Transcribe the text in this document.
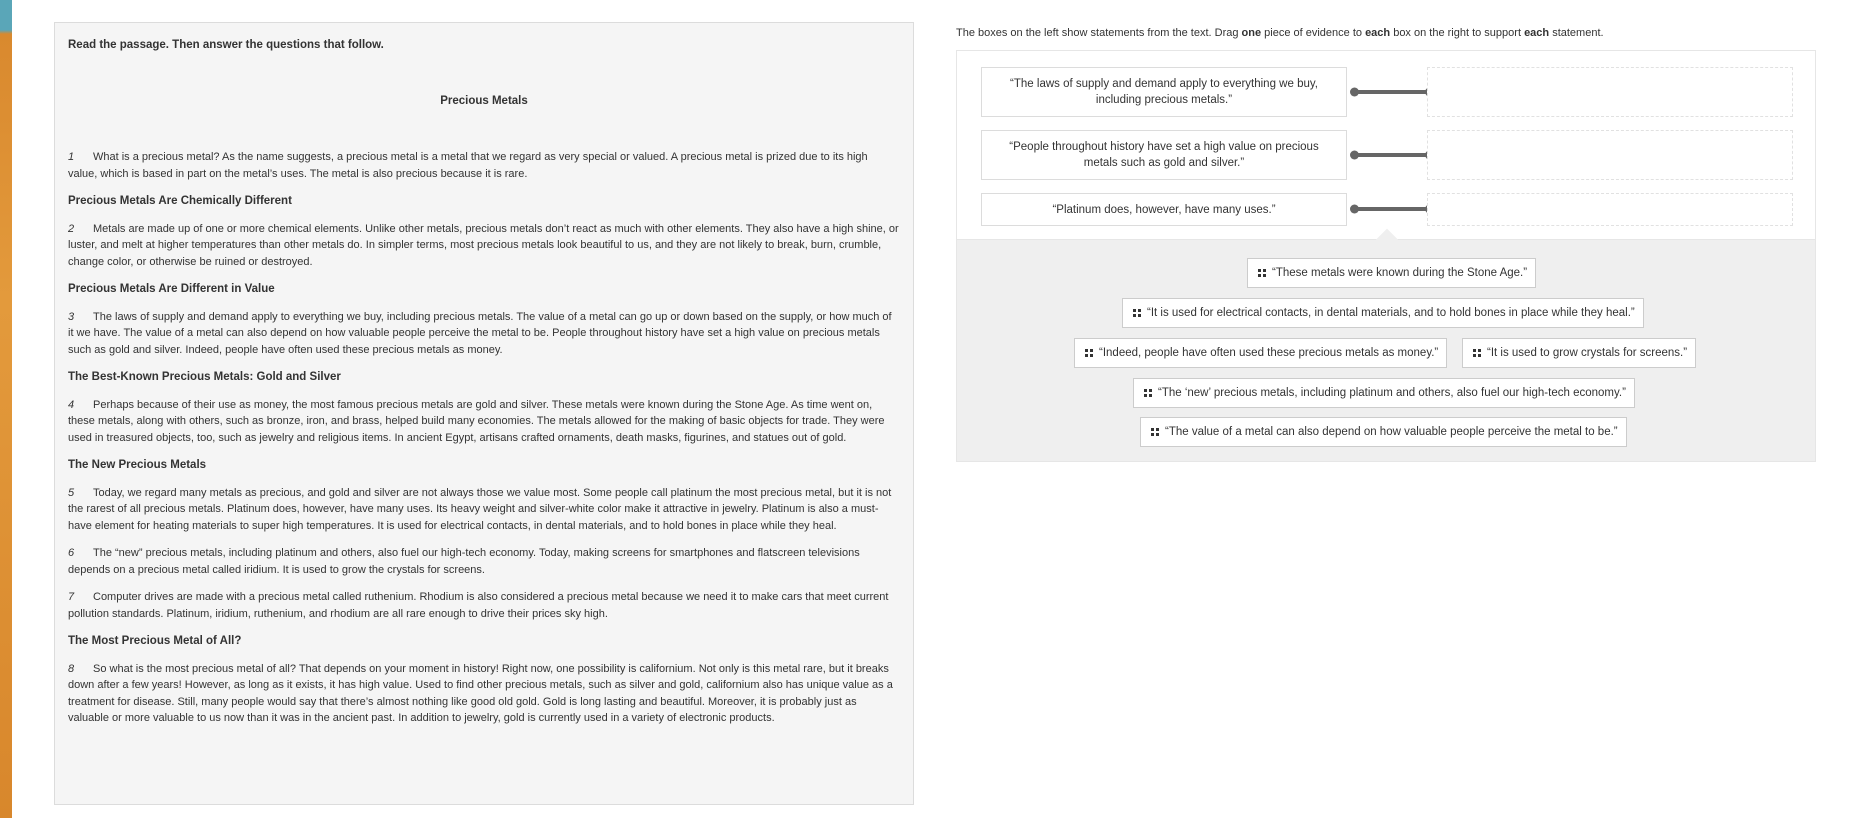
Read the passage. Then answer the questions that follow.
Precious Metals
1 What is a precious metal? As the name suggests, a precious metal is a metal that we regard as very special or valued. A precious metal is prized due to its high value, which is based in part on the metal’s uses. The metal is also precious because it is rare.
Precious Metals Are Chemically Different
2 Metals are made up of one or more chemical elements. Unlike other metals, precious metals don’t react as much with other elements. They also have a high shine, or luster, and melt at higher temperatures than other metals do. In simpler terms, most precious metals look beautiful to us, and they are not likely to break, burn, crumble, change color, or otherwise be ruined or destroyed.
Precious Metals Are Different in Value
3 The laws of supply and demand apply to everything we buy, including precious metals. The value of a metal can go up or down based on the supply, or how much of it we have. The value of a metal can also depend on how valuable people perceive the metal to be. People throughout history have set a high value on precious metals such as gold and silver. Indeed, people have often used these precious metals as money.
The Best-Known Precious Metals: Gold and Silver
4 Perhaps because of their use as money, the most famous precious metals are gold and silver. These metals were known during the Stone Age. As time went on, these metals, along with others, such as bronze, iron, and brass, helped build many economies. The metals allowed for the making of basic objects for trade. They were used in treasured objects, too, such as jewelry and religious items. In ancient Egypt, artisans crafted ornaments, death masks, figurines, and statues out of gold.
The New Precious Metals
5 Today, we regard many metals as precious, and gold and silver are not always those we value most. Some people call platinum the most precious metal, but it is not the rarest of all precious metals. Platinum does, however, have many uses. Its heavy weight and silver-white color make it attractive in jewelry. Platinum is also a must-have element for heating materials to super high temperatures. It is used for electrical contacts, in dental materials, and to hold bones in place while they heal.
6 The “new” precious metals, including platinum and others, also fuel our high-tech economy. Today, making screens for smartphones and flatscreen televisions depends on a precious metal called iridium. It is used to grow the crystals for screens.
7 Computer drives are made with a precious metal called ruthenium. Rhodium is also considered a precious metal because we need it to make cars that meet current pollution standards. Platinum, iridium, ruthenium, and rhodium are all rare enough to drive their prices sky high.
The Most Precious Metal of All?
8 So what is the most precious metal of all? That depends on your moment in history! Right now, one possibility is californium. Not only is this metal rare, but it breaks down after a few years! However, as long as it exists, it has high value. Used to find other precious metals, such as silver and gold, californium also has unique value as a treatment for disease. Still, many people would say that there’s almost nothing like good old gold. Gold is long lasting and beautiful. Moreover, it is probably just as valuable or more valuable to us now than it was in the ancient past. In addition to jewelry, gold is currently used in a variety of electronic products.
The boxes on the left show statements from the text. Drag one piece of evidence to each box on the right to support each statement.
“The laws of supply and demand apply to everything we buy, including precious metals.”
“People throughout history have set a high value on precious metals such as gold and silver.”
“Platinum does, however, have many uses.”
“These metals were known during the Stone Age.”
“It is used for electrical contacts, in dental materials, and to hold bones in place while they heal.”
“Indeed, people have often used these precious metals as money.”	“It is used to grow crystals for screens.”
“The ‘new’ precious metals, including platinum and others, also fuel our high-tech economy.”
“The value of a metal can also depend on how valuable people perceive the metal to be.”
